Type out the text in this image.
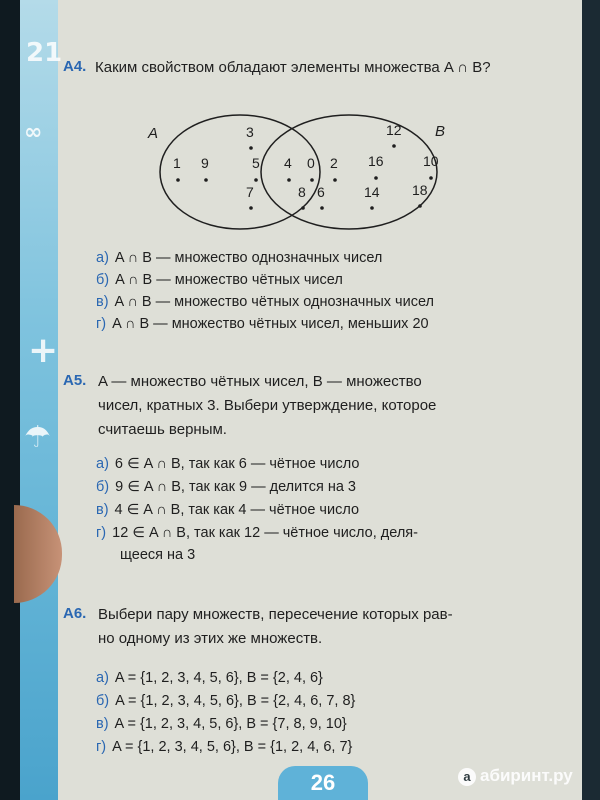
21
∞
+
☂
А4. Каким свойством обладают элементы множества A ∩ B?
A	B
1 9
3
5
7
4 0 2
8 6
12
16	10
14 18
а) A ∩ B — множество однозначных чисел
б) A ∩ B — множество чётных чисел
в) A ∩ B — множество чётных однозначных чисел
г) A ∩ B — множество чётных чисел, меньших 20
А5. A — множество чётных чисел, B — множество
чисел, кратных 3. Выбери утверждение, которое
считаешь верным.
а) 6 ∈ A ∩ B, так как 6 — чётное число
б) 9 ∈ A ∩ B, так как 9 — делится на 3
в) 4 ∈ A ∩ B, так как 4 — чётное число
г) 12 ∈ A ∩ B, так как 12 — чётное число, деля-
щееся на 3
А6. Выбери пару множеств, пересечение которых рав-
но одному из этих же множеств.
а) A = {1, 2, 3, 4, 5, 6}, B = {2, 4, 6}
б) A = {1, 2, 3, 4, 5, 6}, B = {2, 4, 6, 7, 8}
в) A = {1, 2, 3, 4, 5, 6}, B = {7, 8, 9, 10}
г) A = {1, 2, 3, 4, 5, 6}, B = {1, 2, 4, 6, 7}
26	а абиринт.ру
